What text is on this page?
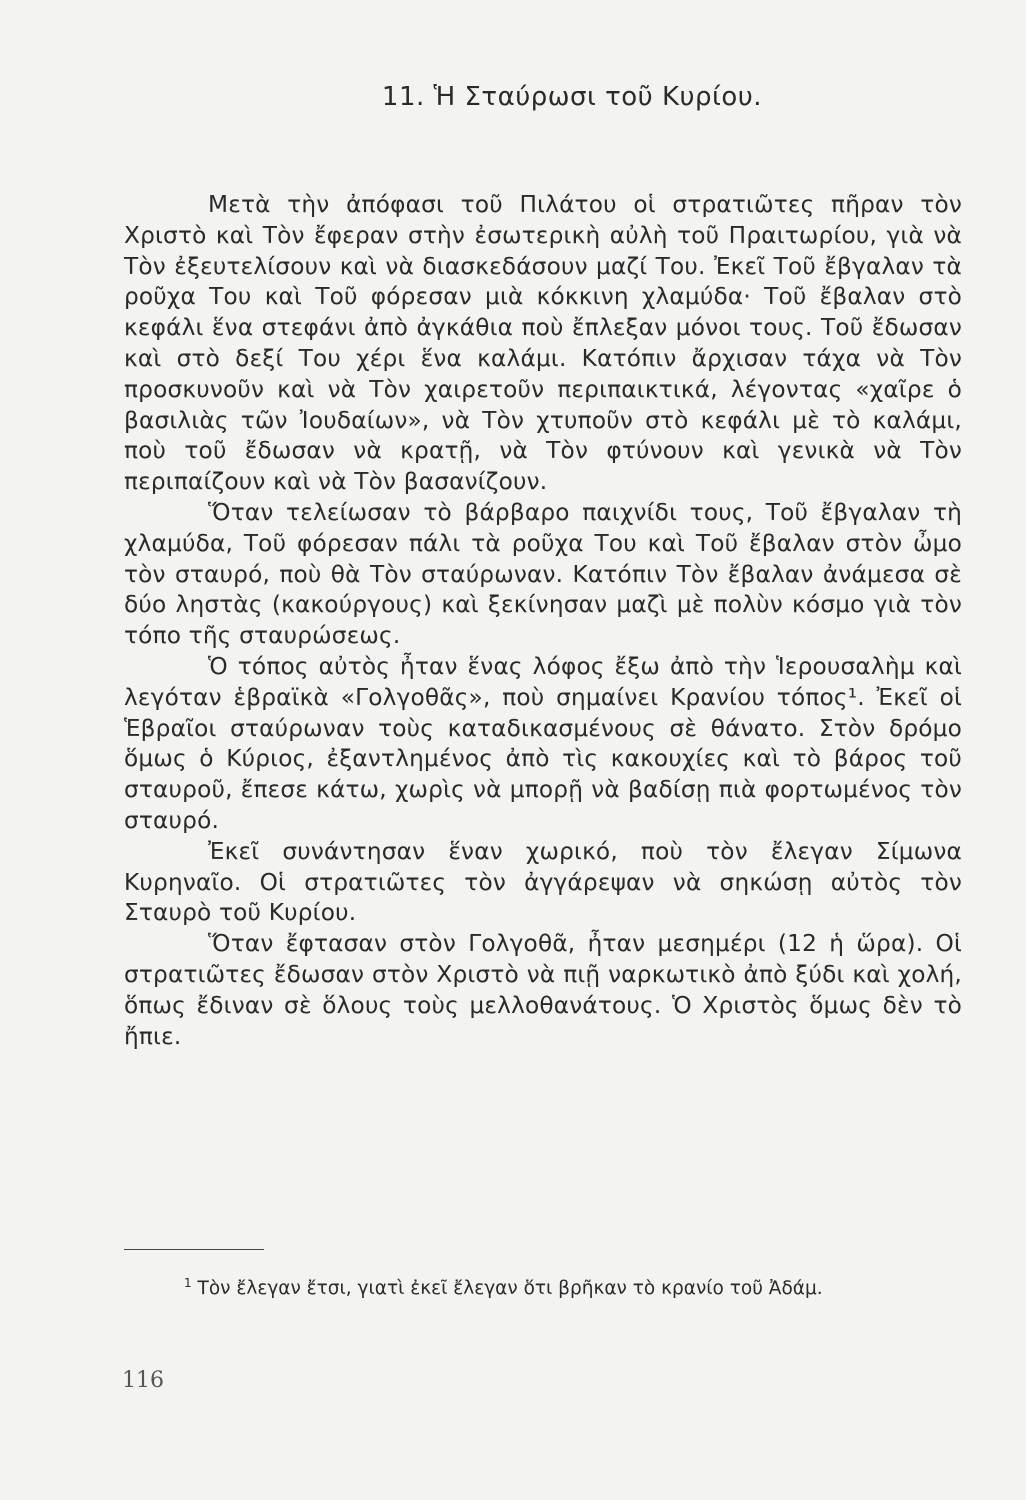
11. Ἡ Σταύρωσι τοῦ Κυρίου.

Μετὰ τὴν ἀπόφασι τοῦ Πιλάτου οἱ στρατιῶτες πῆραν τὸν Χριστὸ καὶ Τὸν ἔφεραν στὴν ἐσωτερικὴ αὐλὴ τοῦ Πραιτωρίου, γιὰ νὰ Τὸν ἐξευτελίσουν καὶ νὰ διασκεδάσουν μαζί Του. Ἐκεῖ Τοῦ ἔβγαλαν τὰ ροῦχα Του καὶ Τοῦ φόρεσαν μιὰ κόκκινη χλαμύδα· Τοῦ ἔβαλαν στὸ κεφάλι ἕνα στεφάνι ἀπὸ ἀγκάθια ποὺ ἔπλεξαν μόνοι τους. Τοῦ ἔδωσαν καὶ στὸ δεξί Του χέρι ἕνα καλάμι. Κατόπιν ἄρχισαν τάχα νὰ Τὸν προσκυνοῦν καὶ νὰ Τὸν χαιρετοῦν περιπαικτικά, λέγοντας «χαῖρε ὁ βασιλιὰς τῶν Ἰουδαίων», νὰ Τὸν χτυποῦν στὸ κεφάλι μὲ τὸ καλάμι, ποὺ τοῦ ἔδωσαν νὰ κρατῇ, νὰ Τὸν φτύνουν καὶ γενικὰ νὰ Τὸν περιπαίζουν καὶ νὰ Τὸν βασανίζουν.

Ὅταν τελείωσαν τὸ βάρβαρο παιχνίδι τους, Τοῦ ἔβγαλαν τὴ χλαμύδα, Τοῦ φόρεσαν πάλι τὰ ροῦχα Του καὶ Τοῦ ἔβαλαν στὸν ὦμο τὸν σταυρό, ποὺ θὰ Τὸν σταύρωναν. Κατόπιν Τὸν ἔβαλαν ἀνάμεσα σὲ δύο ληστὰς (κακούργους) καὶ ξεκίνησαν μαζὶ μὲ πολὺν κόσμο γιὰ τὸν τόπο τῆς σταυρώσεως.

Ὁ τόπος αὐτὸς ἦταν ἕνας λόφος ἔξω ἀπὸ τὴν Ἱερουσαλὴμ καὶ λεγόταν ἑβραϊκὰ «Γολγοθᾶς», ποὺ σημαίνει Κρανίου τόπος¹. Ἐκεῖ οἱ Ἑβραῖοι σταύρωναν τοὺς καταδικασμένους σὲ θάνατο. Στὸν δρόμο ὅμως ὁ Κύριος, ἐξαντλημένος ἀπὸ τὶς κακουχίες καὶ τὸ βάρος τοῦ σταυροῦ, ἔπεσε κάτω, χωρὶς νὰ μπορῇ νὰ βαδίσῃ πιὰ φορτωμένος τὸν σταυρό.

Ἐκεῖ συνάντησαν ἕναν χωρικό, ποὺ τὸν ἔλεγαν Σίμωνα Κυρηναῖο. Οἱ στρατιῶτες τὸν ἀγγάρεψαν νὰ σηκώσῃ αὐτὸς τὸν Σταυρὸ τοῦ Κυρίου.

Ὅταν ἔφτασαν στὸν Γολγοθᾶ, ἦταν μεσημέρι (12 ἡ ὥρα). Οἱ στρατιῶτες ἔδωσαν στὸν Χριστὸ νὰ πιῇ ναρκωτικὸ ἀπὸ ξύδι καὶ χολή, ὅπως ἔδιναν σὲ ὅλους τοὺς μελλοθανάτους. Ὁ Χριστὸς ὅμως δὲν τὸ ἤπιε.

$^1$ Τὸν ἔλεγαν ἔτσι, γιατὶ ἐκεῖ ἔλεγαν ὅτι βρῆκαν τὸ κρανίο τοῦ Ἀδάμ.

116
